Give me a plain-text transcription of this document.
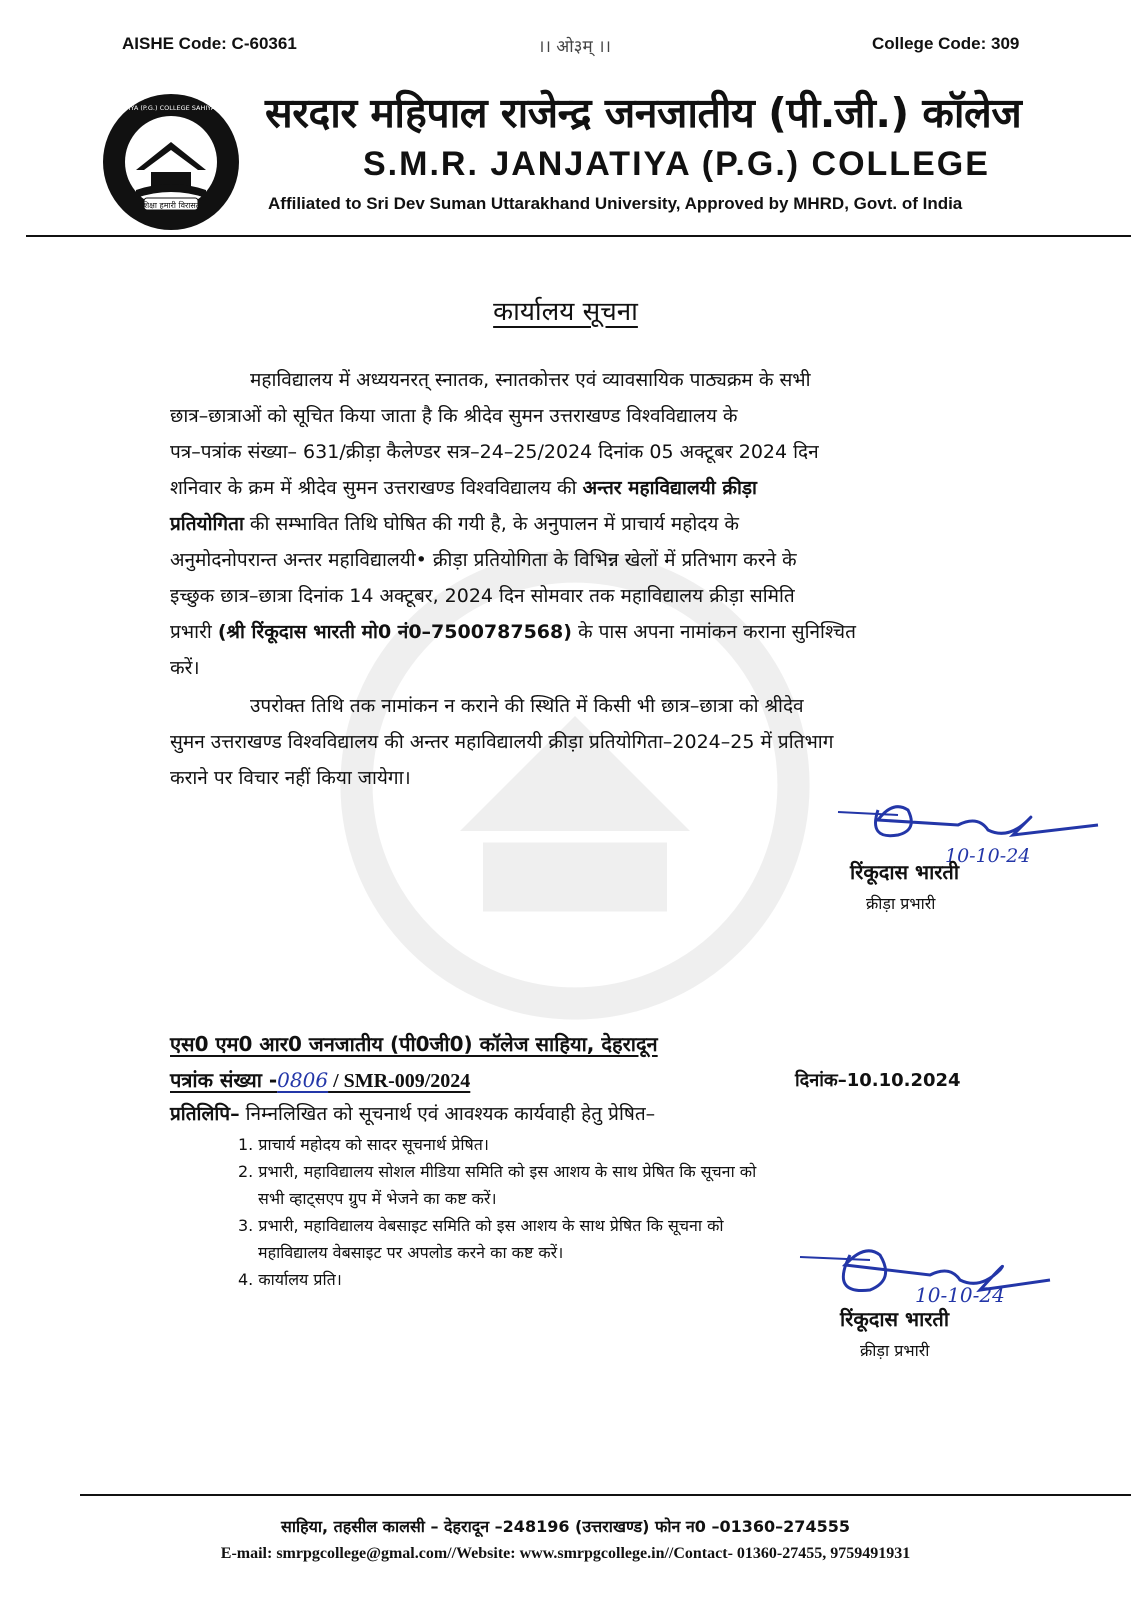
AISHE Code: C-60361	।। ओ३म् ।।	College Code: 309
शिक्षा हमारी विरासत
S.M.R. JANJATIYA (P.G.) COLLEGE SAHIYA, DEHRADUN सरदार महिपाल राजेन्द्र जनजातीय (पी.जी.) कॉलेज
S.M.R. JANJATIYA (P.G.) COLLEGE
Affiliated to Sri Dev Suman Uttarakhand University, Approved by MHRD, Govt. of India
कार्यालय सूचना
महाविद्यालय में अध्ययनरत् स्नातक, स्नातकोत्तर एवं व्यावसायिक पाठ्यक्रम के सभी
छात्र–छात्राओं को सूचित किया जाता है कि श्रीदेव सुमन उत्तराखण्ड विश्वविद्यालय के
पत्र–पत्रांक संख्या– 631/क्रीड़ा कैलेण्डर सत्र–24–25/2024 दिनांक 05 अक्टूबर 2024 दिन
शनिवार के क्रम में श्रीदेव सुमन उत्तराखण्ड विश्वविद्यालय की अन्तर महाविद्यालयी क्रीड़ा
प्रतियोगिता की सम्भावित तिथि घोषित की गयी है, के अनुपालन में प्राचार्य महोदय के
अनुमोदनोपरान्त अन्तर महाविद्यालयी• क्रीड़ा प्रतियोगिता के विभिन्न खेलों में प्रतिभाग करने के
इच्छुक छात्र–छात्रा दिनांक 14 अक्टूबर, 2024 दिन सोमवार तक महाविद्यालय क्रीड़ा समिति
प्रभारी (श्री रिंकूदास भारती मो0 नं0–7500787568) के पास अपना नामांकन कराना सुनिश्चित
करें।
उपरोक्त तिथि तक नामांकन न कराने की स्थिति में किसी भी छात्र–छात्रा को श्रीदेव
सुमन उत्तराखण्ड विश्वविद्यालय की अन्तर महाविद्यालयी क्रीड़ा प्रतियोगिता–2024–25 में प्रतिभाग
कराने पर विचार नहीं किया जायेगा।
Rinku
10-10-24
रिंकूदास भारती
क्रीड़ा प्रभारी
एस0 एम0 आर0 जनजातीय (पी0जी0) कॉलेज साहिया, देहरादून
पत्रांक संख्या -0806 / SMR-009/2024	दिनांक–10.10.2024
प्रतिलिपि– निम्नलिखित को सूचनार्थ एवं आवश्यक कार्यवाही हेतु प्रेषित–
1. प्राचार्य महोदय को सादर सूचनार्थ प्रेषित।
2. प्रभारी, महाविद्यालय सोशल मीडिया समिति को इस आशय के साथ प्रेषित कि सूचना को
सभी व्हाट्सएप ग्रुप में भेजने का कष्ट करें।
3. प्रभारी, महाविद्यालय वेबसाइट समिति को इस आशय के साथ प्रेषित कि सूचना को
महाविद्यालय वेबसाइट पर अपलोड करने का कष्ट करें।
4. कार्यालय प्रति।
Rinku
10-10-24
रिंकूदास भारती
क्रीड़ा प्रभारी
साहिया, तहसील कालसी – देहरादून –248196 (उत्तराखण्ड) फोन न0 –01360–274555
E-mail: smrpgcollege@gmal.com//Website: www.smrpgcollege.in//Contact- 01360-27455, 9759491931
